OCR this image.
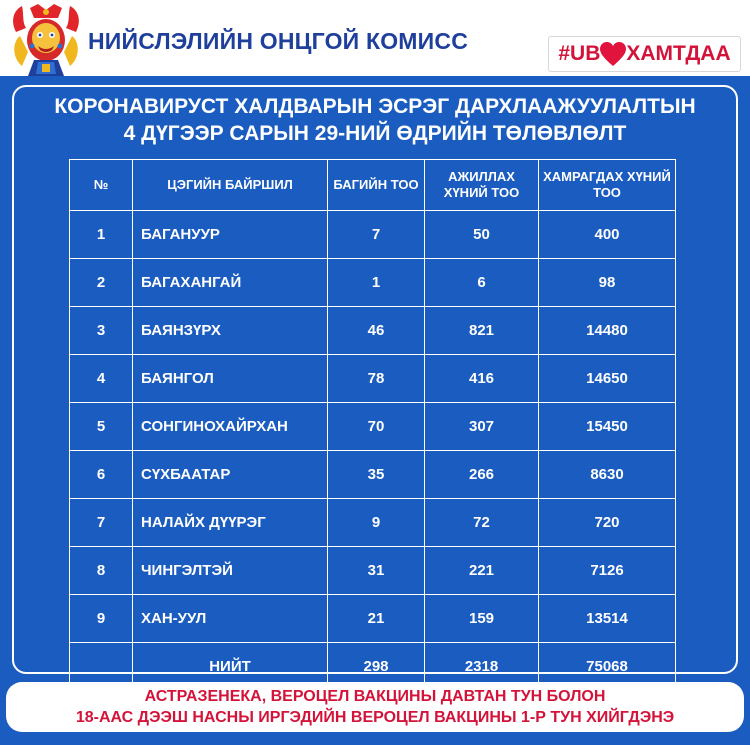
НИЙСЛЭЛИЙН ОНЦГОЙ КОМИСС	#UB ХАМТДАА
КОРОНАВИРУСТ ХАЛДВАРЫН ЭСРЭГ ДАРХЛААЖУУЛАЛТЫН
4 ДҮГЭЭР САРЫН 29-НИЙ ӨДРИЙН ТӨЛӨВЛӨЛТ
№	ЦЭГИЙН БАЙРШИЛ	БАГИЙН ТОО	АЖИЛЛАХ ХҮНИЙ ТОО	ХАМРАГДАХ ХҮНИЙ ТОО
1	БАГАНУУР	7	50	400
2	БАГАХАНГАЙ	1	6	98
3	БАЯНЗҮРХ	46	821	14480
4	БАЯНГОЛ	78	416	14650
5	СОНГИНОХАЙРХАН	70	307	15450
6	СҮХБААТАР	35	266	8630
7	НАЛАЙХ ДҮҮРЭГ	9	72	720
8	ЧИНГЭЛТЭЙ	31	221	7126
9	ХАН-УУЛ	21	159	13514
	НИЙТ	298	2318	75068
АСТРАЗЕНЕКА, ВЕРОЦЕЛ ВАКЦИНЫ ДАВТАН ТУН БОЛОН
18-ААС ДЭЭШ НАСНЫ ИРГЭДИЙН ВЕРОЦЕЛ ВАКЦИНЫ 1-Р ТУН ХИЙГДЭНЭ
